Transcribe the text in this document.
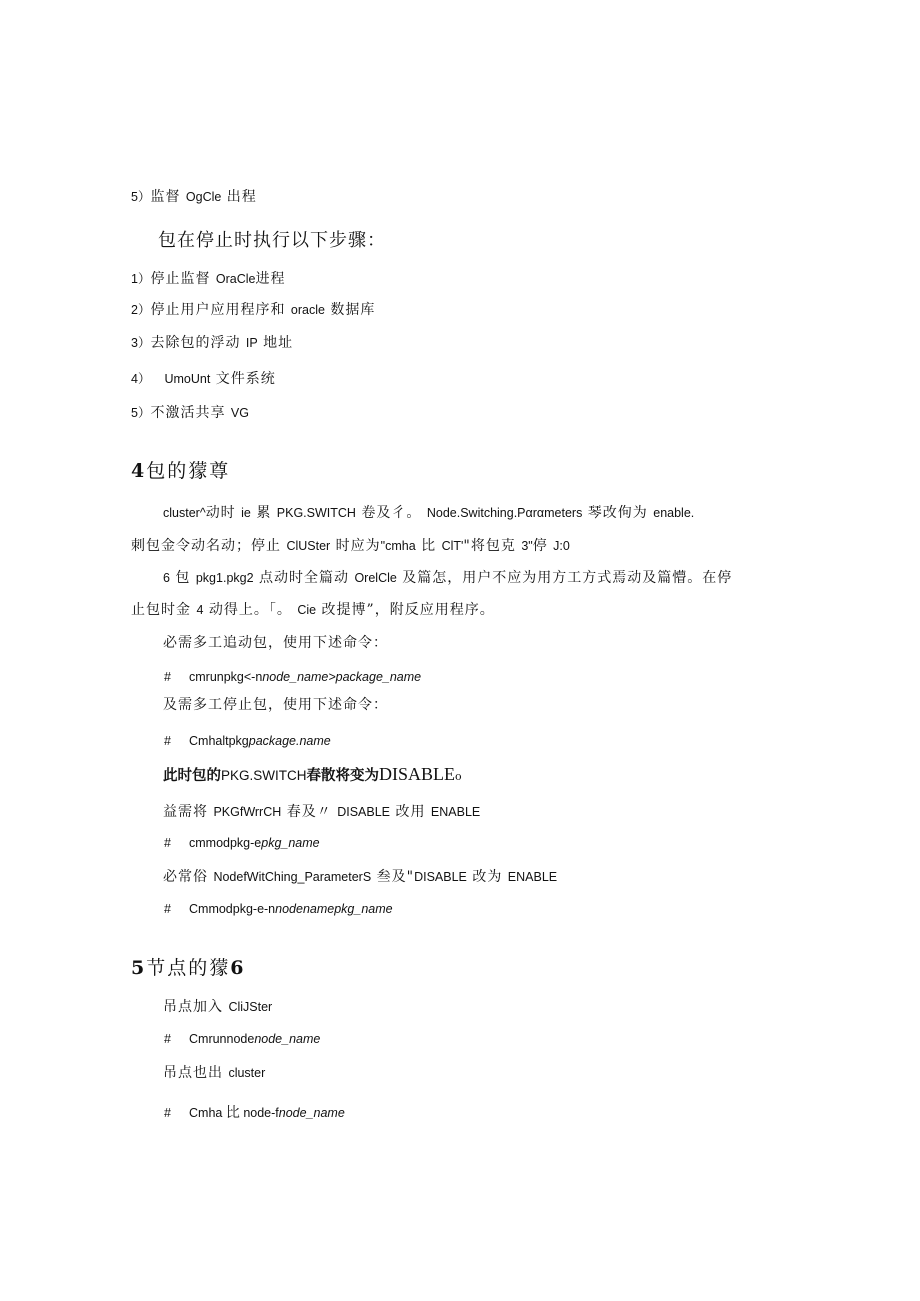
5）监督 OgCle 出程
包在停止时执行以下步骤：
1）停止监督 OraCle进程
2）停止用户应用程序和 oracle 数据库
3）去除包的浮动 IP 地址
4） UmoUnt 文件系统
5）不激活共享 VG
4包的獴尊
cluster^动时 ie 累 PKG.SWITCH 卷及彳。 Node.Switching.Pαrαmeters 琴改佝为 enable.
刺包金令动名动；停止 ClUSter 时应为"cmha 比 ClT'"将包克 3"停 J:0
6 包 pkg1.pkg2 点动时全篇动 OrelCle 及篇怎，用户不应为用方工方式焉动及篇懵。在停
止包时金 4 动得上。「。 Cie 改提博”，附反应用程序。
必需多工追动包，使用下述命令：
# cmrunpkg<-nnode_name>package_name
及需多工停止包，使用下述命令：
# Cmhaltpkgpackage.name
此时包的PKG.SWITCH春散将变为DISABLEo
益需将 PKGfWrrCH 春及〃 DISABLE 改用 ENABLE
# cmmodpkg-epkg_name
必常俗 NodefWitChing_ParameterS 叁及"DISABLE 改为 ENABLE
# Cmmodpkg-e-nnodenamepkg_name
5节点的獴6
吊点加入 CliJSter
# Cmrunnodenode_name
吊点也出 cluster
# Cmha 比 node-fnode_name
